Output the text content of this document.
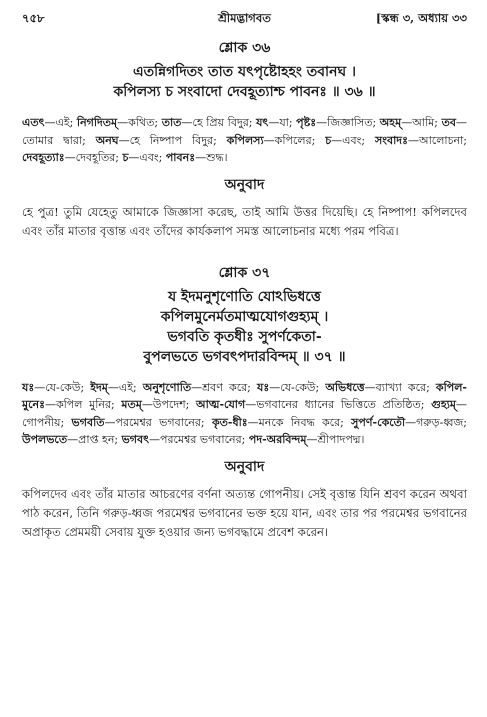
৭৫৮	শ্রীমদ্ভাগবত	[স্কন্ধ ৩, অধ্যায় ৩৩
শ্লোক ৩৬
এতন্নিগদিতং তাত যৎপৃষ্টোহহং তবানঘ ।
কপিলস্য চ সংবাদো দেবহূত্যাশ্চ পাবনঃ ॥ ৩৬ ॥
এতৎ—এই; নিগদিতম্—কথিত; তাত—হে প্রিয় বিদুর; যৎ—যা; পৃষ্টঃ—জিজ্ঞাসিত; অহম্—আমি; তব—তোমার দ্বারা; অনঘ—হে নিষ্পাপ বিদুর; কপিলস্য—কপিলের; চ—এবং; সংবাদঃ—আলোচনা; দেবহূত্যাঃ—দেবহূতির; চ—এবং; পাবনঃ—শুদ্ধ।
অনুবাদ
হে পুত্র! তুমি যেহেতু আমাকে জিজ্ঞাসা করেছ, তাই আমি উত্তর দিয়েছি। হে নিষ্পাপ! কপিলদেব এবং তাঁর মাতার বৃত্তান্ত এবং তাঁদের কার্যকলাপ সমস্ত আলোচনার মধ্যে পরম পবিত্র।
শ্লোক ৩৭
য ইদমনুশৃণোতি যোঽভিধত্তে
কপিলমুনের্মতমাত্মযোগগুহ্যম্ ।
ভগবতি কৃতধীঃ সুপর্ণকেতা-
বুপলভতে ভগবৎপদারবিন্দম্ ॥ ৩৭ ॥
যঃ—যে-কেউ; ইদম্—এই; অনুশৃণোতি—শ্রবণ করে; যঃ—যে-কেউ; অভিধত্তে—ব্যাখ্যা করে; কপিল-মুনেঃ—কপিল মুনির; মতম্—উপদেশ; আত্ম-যোগ—ভগবানের ধ্যানের ভিত্তিতে প্রতিষ্ঠিত; গুহ্যম্—গোপনীয়; ভগবতি—পরমেশ্বর ভগবানের; কৃত-ধীঃ—মনকে নিবদ্ধ করে; সুপর্ণ-কেতৌ—গরুড়-ধ্বজ; উপলভতে—প্রাপ্ত হন; ভগবৎ—পরমেশ্বর ভগবানের; পদ-অরবিন্দম্—শ্রীপাদপদ্ম।
অনুবাদ
কপিলদেব এবং তাঁর মাতার আচরণের বর্ণনা অত্যন্ত গোপনীয়। সেই বৃত্তান্ত যিনি শ্রবণ করেন অথবা পাঠ করেন, তিনি গরুড়-ধ্বজ পরমেশ্বর ভগবানের ভক্ত হয়ে যান, এবং তার পর পরমেশ্বর ভগবানের অপ্রাকৃত প্রেমময়ী সেবায় যুক্ত হওয়ার জন্য ভগবদ্ধামে প্রবেশ করেন।
